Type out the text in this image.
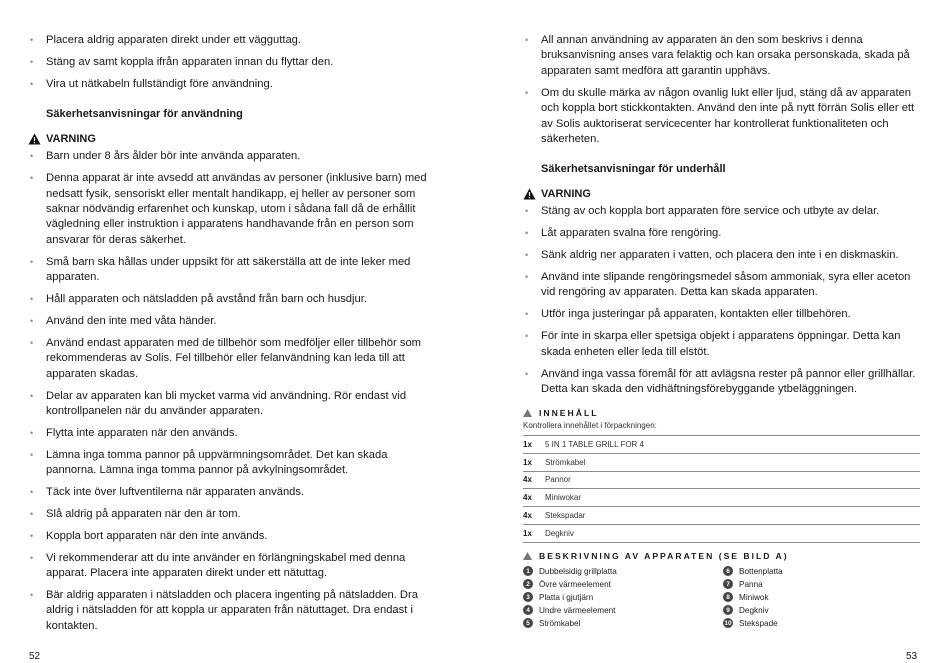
• Placera aldrig apparaten direkt under ett vägguttag.
• Stäng av samt koppla ifrån apparaten innan du flyttar den.
• Vira ut nätkabeln fullständigt före användning.
Säkerhetsanvisningar för användning
VARNING
• Barn under 8 års ålder bör inte använda apparaten.
• Denna apparat är inte avsedd att användas av personer (inklusive barn) med nedsatt fysik, sensoriskt eller mentalt handikapp, ej heller av personer som saknar nödvändig erfarenhet och kunskap, utom i sådana fall då de erhållit vägledning eller instruktion i apparatens handhavande från en person som ansvarar för deras säkerhet.
• Små barn ska hållas under uppsikt för att säkerställa att de inte leker med apparaten.
• Håll apparaten och nätsladden på avstånd från barn och husdjur.
• Använd den inte med våta händer.
• Använd endast apparaten med de tillbehör som medföljer eller tillbehör som rekommenderas av Solis. Fel tillbehör eller felanvändning kan leda till att apparaten skadas.
• Delar av apparaten kan bli mycket varma vid användning. Rör endast vid kontrollpanelen när du använder apparaten.
• Flytta inte apparaten när den används.
• Lämna inga tomma pannor på uppvärmningsområdet. Det kan skada pannorna. Lämna inga tomma pannor på avkylningsområdet.
• Täck inte över luftventilerna när apparaten används.
• Slå aldrig på apparaten när den är tom.
• Koppla bort apparaten när den inte används.
• Vi rekommenderar att du inte använder en förlängningskabel med denna apparat. Placera inte apparaten direkt under ett nätuttag.
• Bär aldrig apparaten i nätsladden och placera ingenting på nätsladden. Dra aldrig i nätsladden för att koppla ur apparaten från nätuttaget. Dra endast i kontakten.
• All annan användning av apparaten än den som beskrivs i denna bruksanvisning anses vara felaktig och kan orsaka personskada, skada på apparaten samt medföra att garantin upphävs.
• Om du skulle märka av någon ovanlig lukt eller ljud, stäng då av apparaten och koppla bort stickkontakten. Använd den inte på nytt förrän Solis eller ett av Solis auktoriserat servicecenter har kontrollerat funktionaliteten och säkerheten.
Säkerhetsanvisningar för underhåll
VARNING
• Stäng av och koppla bort apparaten före service och utbyte av delar.
• Låt apparaten svalna före rengöring.
• Sänk aldrig ner apparaten i vatten, och placera den inte i en diskmaskin.
• Använd inte slipande rengöringsmedel såsom ammoniak, syra eller aceton vid rengöring av apparaten. Detta kan skada apparaten.
• Utför inga justeringar på apparaten, kontakten eller tillbehören.
• För inte in skarpa eller spetsiga objekt i apparatens öppningar. Detta kan skada enheten eller leda till elstöt.
• Använd inga vassa föremål för att avlägsna rester på pannor eller grillhällar. Detta kan skada den vidhäftningsförebyggande ytbeläggningen.
INNEHÅLL
Kontrollera innehållet i förpackningen:
1x	5 IN 1 TABLE GRILL FOR 4
1x	Strömkabel
4x	Pannor
4x	Miniwokar
4x	Stekspadar
1x	Degkniv
BESKRIVNING AV APPARATEN (SE BILD A)
1	Dubbelsidig grillplatta
2	Övre värmeelement
3	Platta i gjutjärn
4	Undre värmeelement
5	Strömkabel
6	Bottenplatta
7	Panna
8	Miniwok
9	Degkniv
10 Stekspade
52	53
